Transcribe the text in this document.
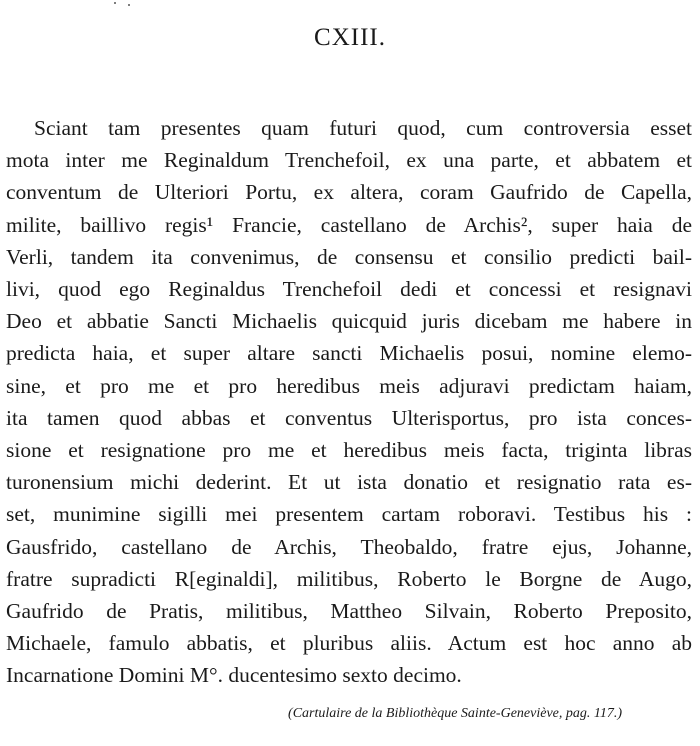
CXIII.
Sciant tam presentes quam futuri quod, cum controversia esset
mota inter me Reginaldum Trenchefoil, ex una parte, et abbatem et
conventum de Ulteriori Portu, ex altera, coram Gaufrido de Capella,
milite, baillivo regis¹ Francie, castellano de Archis², super haia de
Verli, tandem ita convenimus, de consensu et consilio predicti bail-
livi, quod ego Reginaldus Trenchefoil dedi et concessi et resignavi
Deo et abbatie Sancti Michaelis quicquid juris dicebam me habere in
predicta haia, et super altare sancti Michaelis posui, nomine elemo-
sine, et pro me et pro heredibus meis adjuravi predictam haiam,
ita tamen quod abbas et conventus Ulterisportus, pro ista conces-
sione et resignatione pro me et heredibus meis facta, triginta libras
turonensium michi dederint. Et ut ista donatio et resignatio rata es-
set, munimine sigilli mei presentem cartam roboravi. Testibus his :
Gausfrido, castellano de Archis, Theobaldo, fratre ejus, Johanne,
fratre supradicti R[eginaldi], militibus, Roberto le Borgne de Augo,
Gaufrido de Pratis, militibus, Mattheo Silvain, Roberto Preposito,
Michaele, famulo abbatis, et pluribus aliis. Actum est hoc anno ab
Incarnatione Domini M°. ducentesimo sexto decimo.
(Cartulaire de la Bibliothèque Sainte-Geneviève, pag. 117.)
